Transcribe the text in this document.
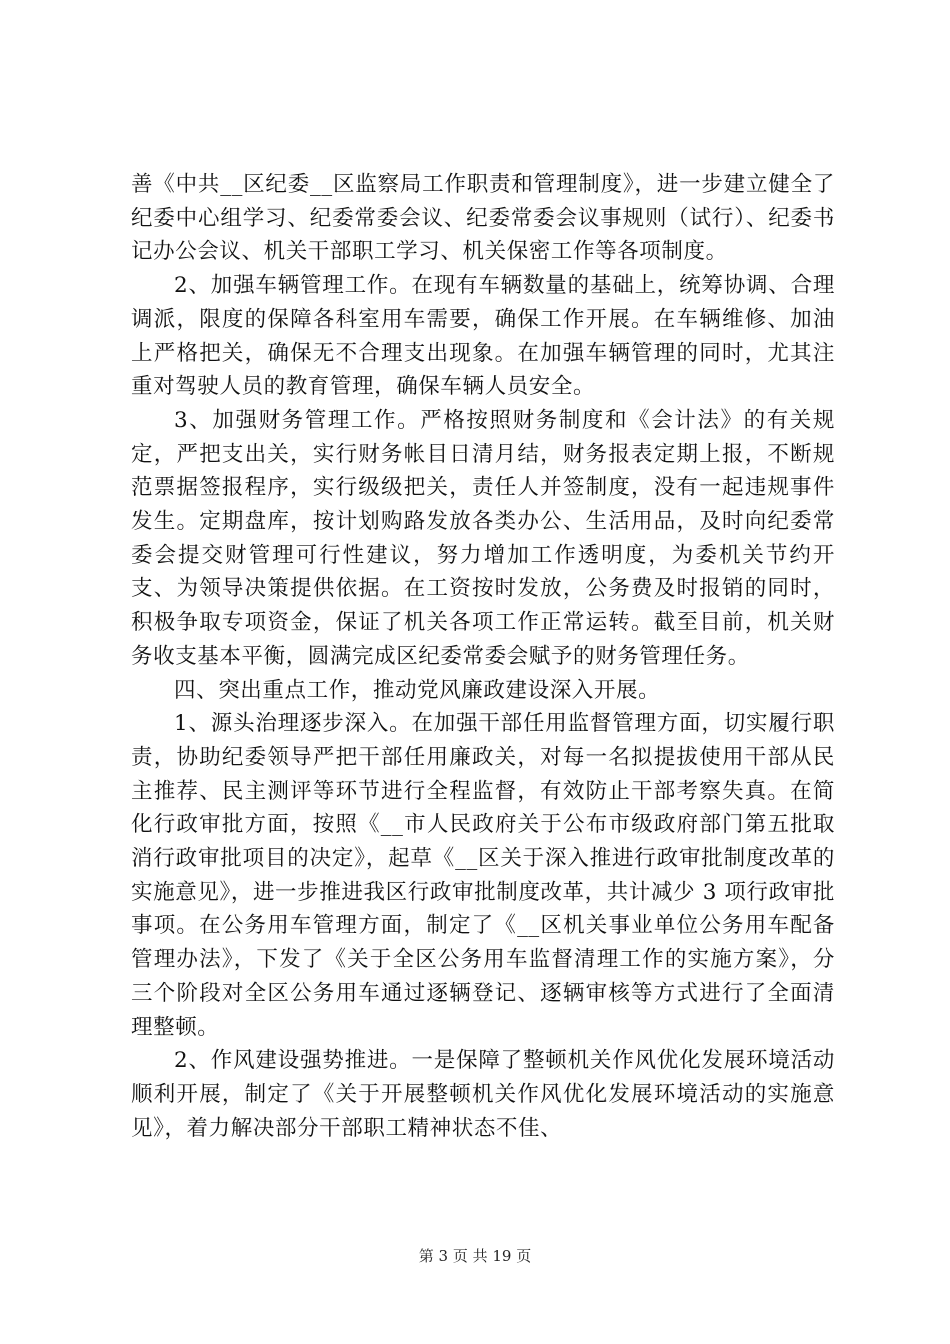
善《中共__区纪委__区监察局工作职责和管理制度》，进一步建立健全了纪委中心组学习、纪委常委会议、纪委常委会议事规则（试行）、纪委书记办公会议、机关干部职工学习、机关保密工作等各项制度。

2、加强车辆管理工作。在现有车辆数量的基础上，统筹协调、合理调派，限度的保障各科室用车需要，确保工作开展。在车辆维修、加油上严格把关，确保无不合理支出现象。在加强车辆管理的同时，尤其注重对驾驶人员的教育管理，确保车辆人员安全。

3、加强财务管理工作。严格按照财务制度和《会计法》的有关规定，严把支出关，实行财务帐目日清月结，财务报表定期上报，不断规范票据签报程序，实行级级把关，责任人并签制度，没有一起违规事件发生。定期盘库，按计划购路发放各类办公、生活用品，及时向纪委常委会提交财管理可行性建议，努力增加工作透明度，为委机关节约开支、为领导决策提供依据。在工资按时发放，公务费及时报销的同时，积极争取专项资金，保证了机关各项工作正常运转。截至目前，机关财务收支基本平衡，圆满完成区纪委常委会赋予的财务管理任务。

四、突出重点工作，推动党风廉政建设深入开展。

1、源头治理逐步深入。在加强干部任用监督管理方面，切实履行职责，协助纪委领导严把干部任用廉政关，对每一名拟提拔使用干部从民主推荐、民主测评等环节进行全程监督，有效防止干部考察失真。在简化行政审批方面，按照《__市人民政府关于公布市级政府部门第五批取消行政审批项目的决定》，起草《__区关于深入推进行政审批制度改革的实施意见》，进一步推进我区行政审批制度改革，共计减少 3 项行政审批事项。在公务用车管理方面，制定了《__区机关事业单位公务用车配备管理办法》，下发了《关于全区公务用车监督清理工作的实施方案》，分三个阶段对全区公务用车通过逐辆登记、逐辆审核等方式进行了全面清理整顿。

2、作风建设强势推进。一是保障了整顿机关作风优化发展环境活动顺利开展，制定了《关于开展整顿机关作风优化发展环境活动的实施意见》，着力解决部分干部职工精神状态不佳、

第 3 页 共 19 页
